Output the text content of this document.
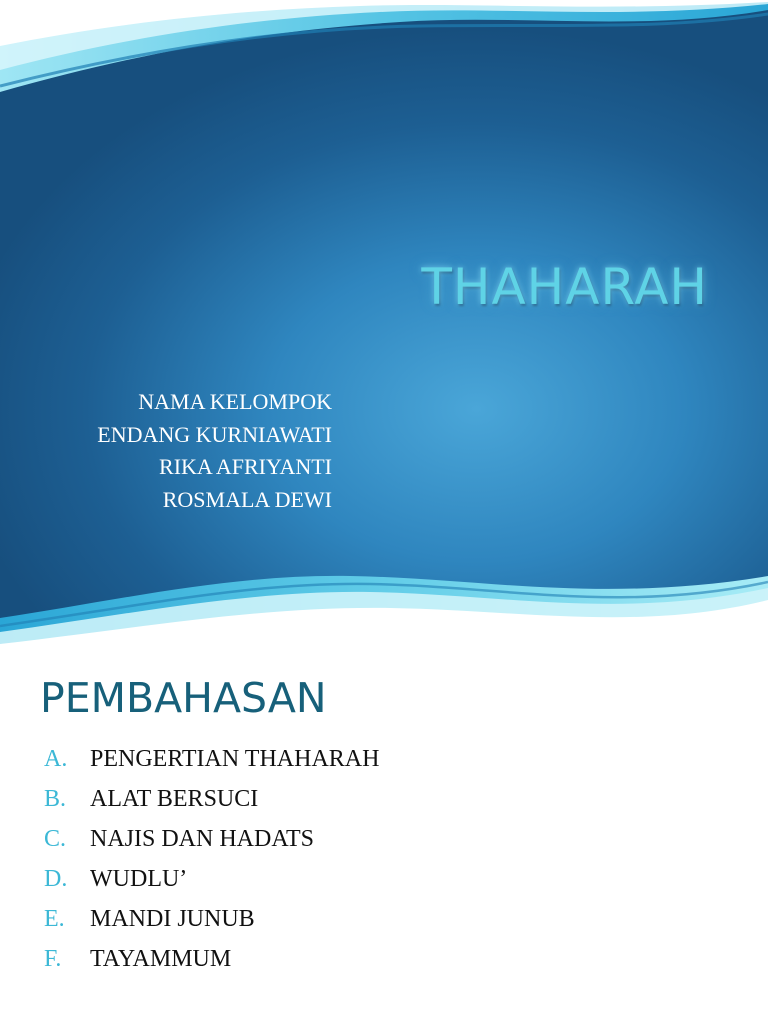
THAHARAH
NAMA KELOMPOK
ENDANG KURNIAWATI
RIKA AFRIYANTI
ROSMALA DEWI
PEMBAHASAN
A. PENGERTIAN THAHARAH
B. ALAT BERSUCI
C. NAJIS DAN HADATS
D. WUDLU’
E.	MANDI JUNUB
F.	TAYAMMUM
